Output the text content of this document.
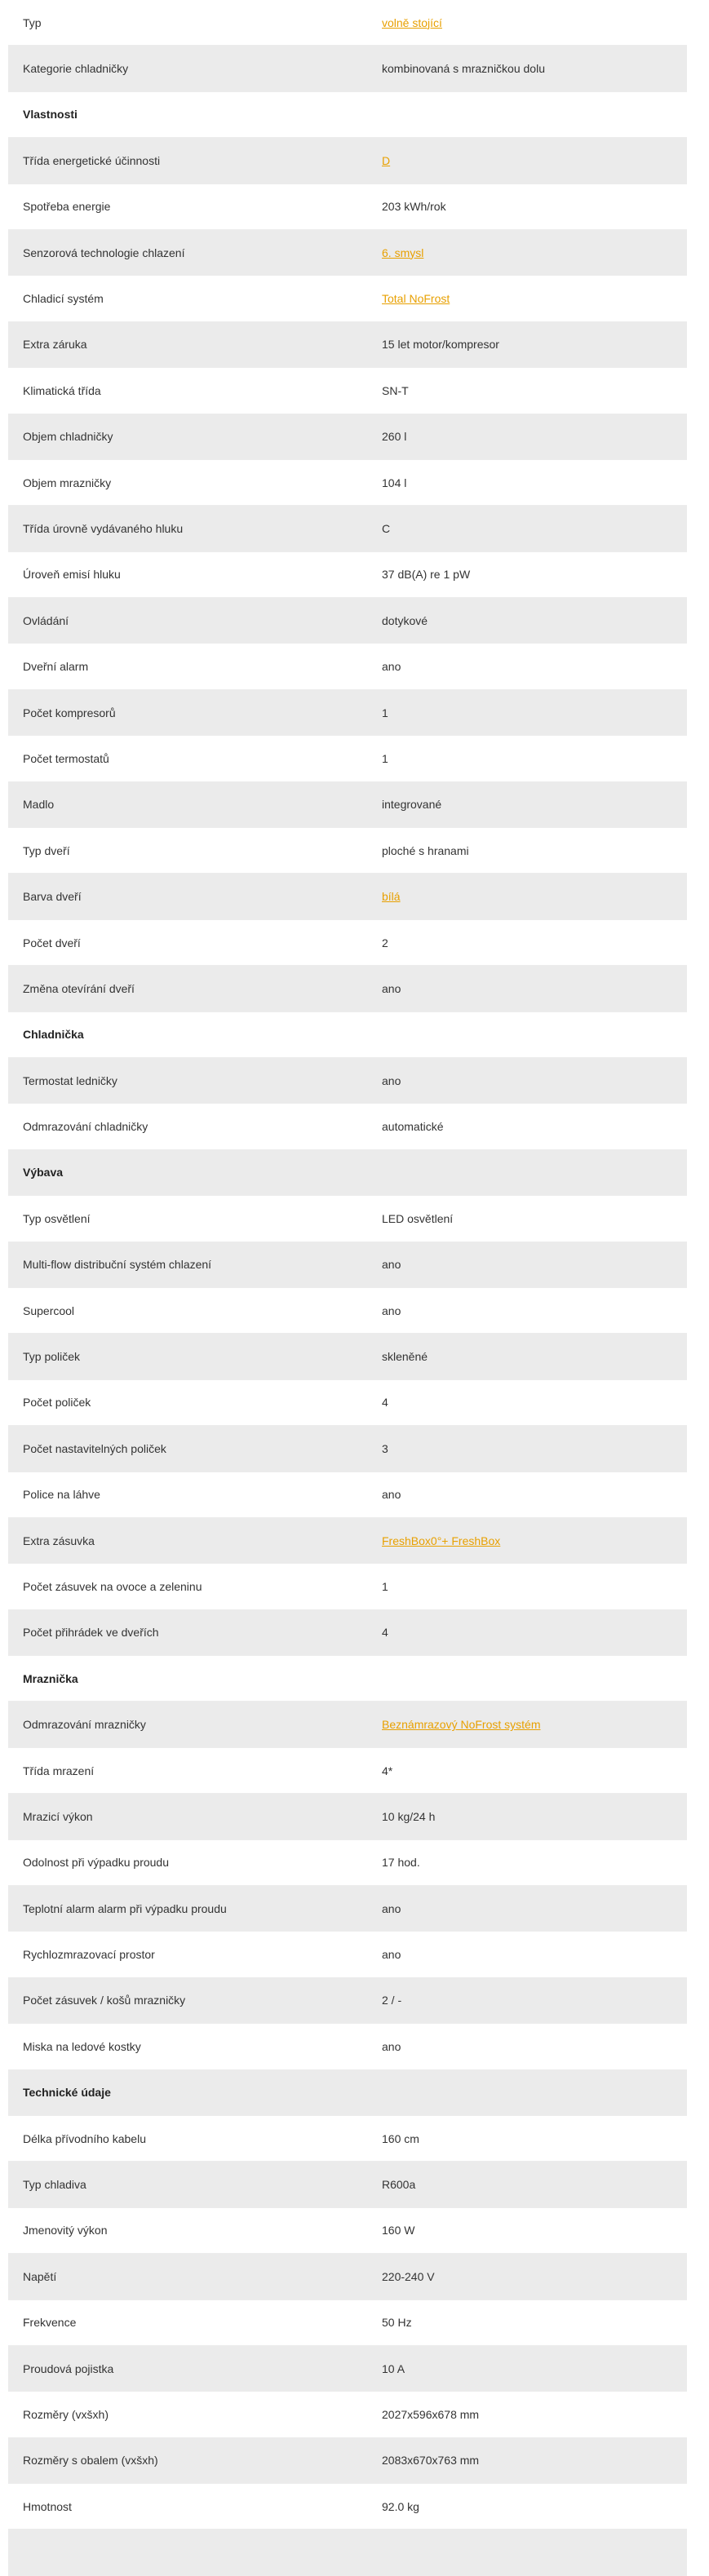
Typ	volně stojící
Kategorie chladničky	kombinovaná s mrazničkou dolu
Vlastnosti
Třída energetické účinnosti	D
Spotřeba energie	203 kWh/rok
Senzorová technologie chlazení	6. smysl
Chladicí systém	Total NoFrost
Extra záruka	15 let motor/kompresor
Klimatická třída	SN-T
Objem chladničky	260 l
Objem mrazničky	104 l
Třída úrovně vydávaného hluku	C
Úroveň emisí hluku	37 dB(A) re 1 pW
Ovládání	dotykové
Dveřní alarm	ano
Počet kompresorů	1
Počet termostatů	1
Madlo	integrované
Typ dveří	ploché s hranami
Barva dveří	bílá
Počet dveří	2
Změna otevírání dveří	ano
Chladnička
Termostat ledničky	ano
Odmrazování chladničky	automatické
Výbava
Typ osvětlení	LED osvětlení
Multi-flow distribuční systém chlazení	ano
Supercool	ano
Typ poliček	skleněné
Počet poliček	4
Počet nastavitelných poliček	3
Police na láhve	ano
Extra zásuvka	FreshBox0°+ FreshBox
Počet zásuvek na ovoce a zeleninu	1
Počet přihrádek ve dveřích	4
Mraznička
Odmrazování mrazničky	Beznámrazový NoFrost systém
Třída mrazení	4*
Mrazicí výkon	10 kg/24 h
Odolnost při výpadku proudu	17 hod.
Teplotní alarm alarm při výpadku proudu	ano
Rychlozmrazovací prostor	ano
Počet zásuvek / košů mrazničky	2 / -
Miska na ledové kostky	ano
Technické údaje
Délka přívodního kabelu	160 cm
Typ chladiva	R600a
Jmenovitý výkon	160 W
Napětí	220-240 V
Frekvence	50 Hz
Proudová pojistka	10 A
Rozměry (vxšxh)	2027x596x678 mm
Rozměry s obalem (vxšxh)	2083x670x763 mm
Hmotnost	92.0 kg
